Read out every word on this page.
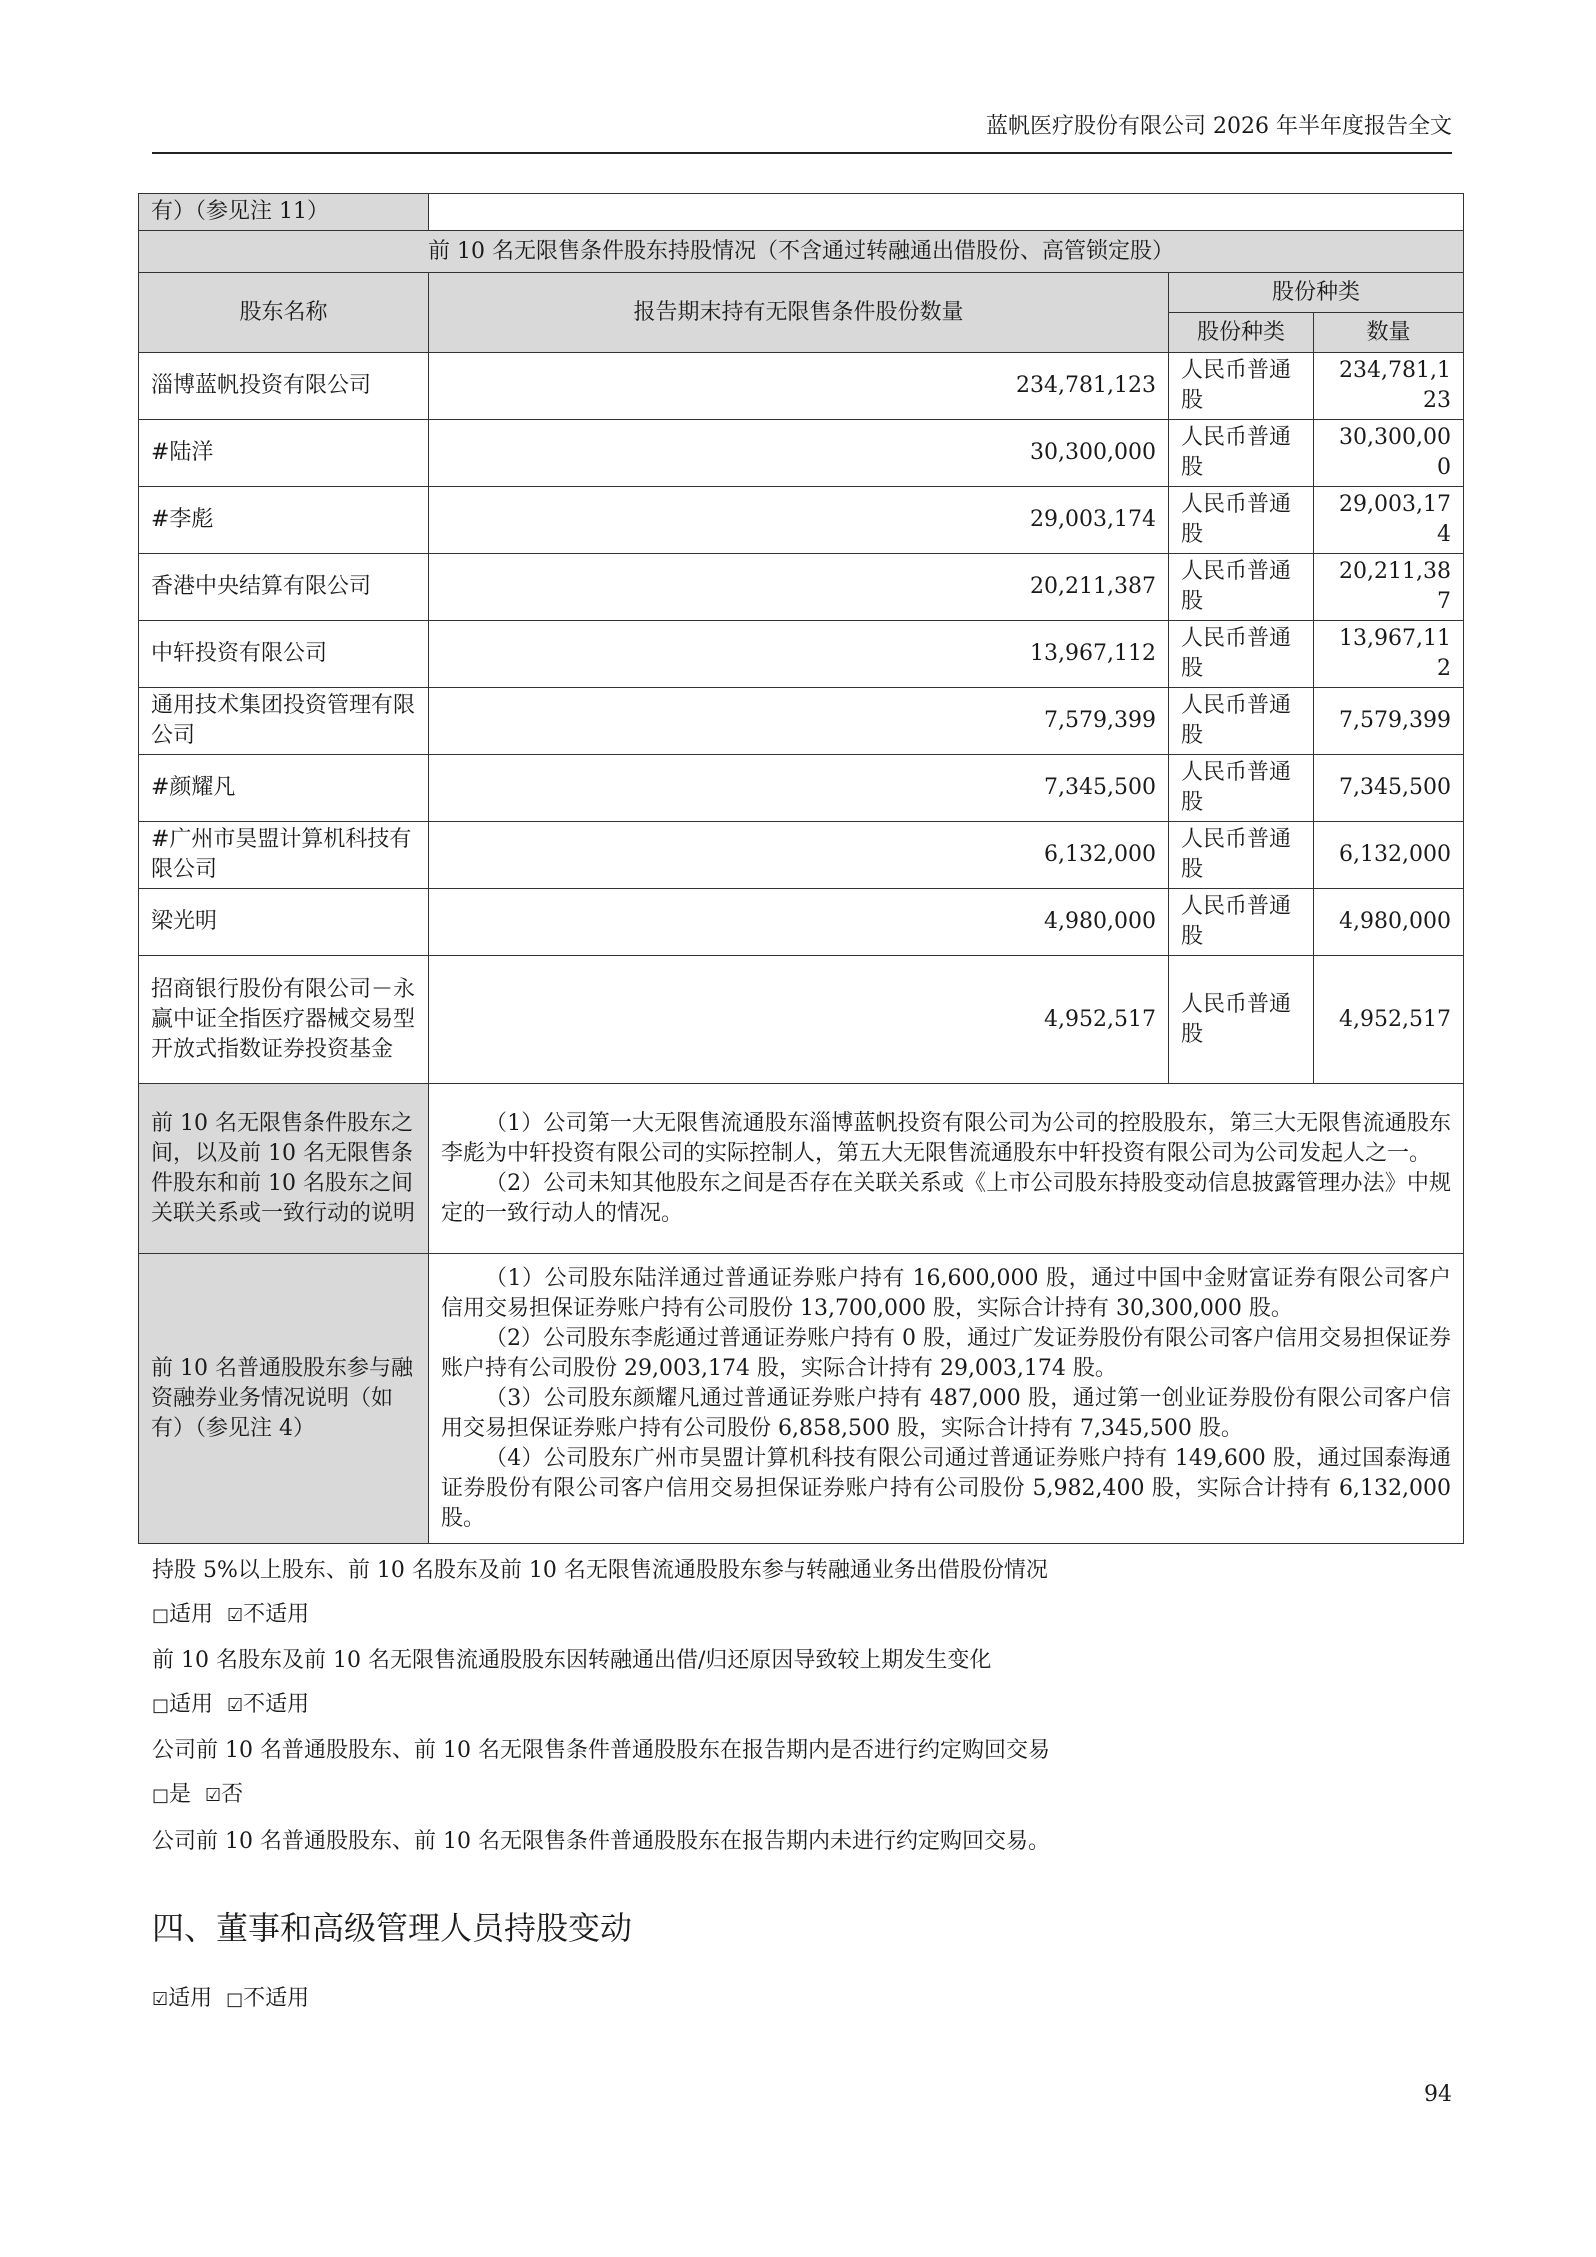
蓝帆医疗股份有限公司 2026 年半年度报告全文
有）（参见注 11）			
前 10 名无限售条件股东持股情况（不含通过转融通出借股份、高管锁定股）			
股东名称	报告期末持有无限售条件股份数量	股份种类	
		股份种类	数量
淄博蓝帆投资有限公司	234,781,123	人民币普通股	234,781,123
#陆洋	30,300,000	人民币普通股	30,300,000
#李彪	29,003,174	人民币普通股	29,003,174
香港中央结算有限公司	20,211,387	人民币普通股	20,211,387
中轩投资有限公司	13,967,112	人民币普通股	13,967,112
通用技术集团投资管理有限公司	7,579,399	人民币普通股	7,579,399
#颜耀凡	7,345,500	人民币普通股	7,345,500
#广州市昊盟计算机科技有限公司	6,132,000	人民币普通股	6,132,000
梁光明	4,980,000	人民币普通股	4,980,000
招商银行股份有限公司－永赢中证全指医疗器械交易型开放式指数证券投资基金	4,952,517	人民币普通股	4,952,517
前 10 名无限售条件股东之间，以及前 10 名无限售条件股东和前 10 名股东之间关联关系或一致行动的说明	（1）公司第一大无限售流通股东淄博蓝帆投资有限公司为公司的控股股东，第三大无限售流通股东李彪为中轩投资有限公司的实际控制人，第五大无限售流通股东中轩投资有限公司为公司发起人之一。

（2）公司未知其他股东之间是否存在关联关系或《上市公司股东持股变动信息披露管理办法》中规定的一致行动人的情况。		

前 10 名普通股股东参与融资融券业务情况说明（如有）（参见注 4）	（1）公司股东陆洋通过普通证券账户持有 16,600,000 股，通过中国中金财富证券有限公司客户信用交易担保证券账户持有公司股份 13,700,000 股，实际合计持有 30,300,000 股。

（2）公司股东李彪通过普通证券账户持有 0 股，通过广发证券股份有限公司客户信用交易担保证券账户持有公司股份 29,003,174 股，实际合计持有 29,003,174 股。

（3）公司股东颜耀凡通过普通证券账户持有 487,000 股，通过第一创业证券股份有限公司客户信用交易担保证券账户持有公司股份 6,858,500 股，实际合计持有 7,345,500 股。

（4）公司股东广州市昊盟计算机科技有限公司通过普通证券账户持有 149,600 股，通过国泰海通证券股份有限公司客户信用交易担保证券账户持有公司股份 5,982,400 股，实际合计持有 6,132,000 股。		

持股 5%以上股东、前 10 名股东及前 10 名无限售流通股股东参与转融通业务出借股份情况

□适用 ☑不适用

前 10 名股东及前 10 名无限售流通股股东因转融通出借/归还原因导致较上期发生变化

□适用 ☑不适用

公司前 10 名普通股股东、前 10 名无限售条件普通股股东在报告期内是否进行约定购回交易

□是 ☑否

公司前 10 名普通股股东、前 10 名无限售条件普通股股东在报告期内未进行约定购回交易。

四、董事和高级管理人员持股变动

☑适用 □不适用

94
